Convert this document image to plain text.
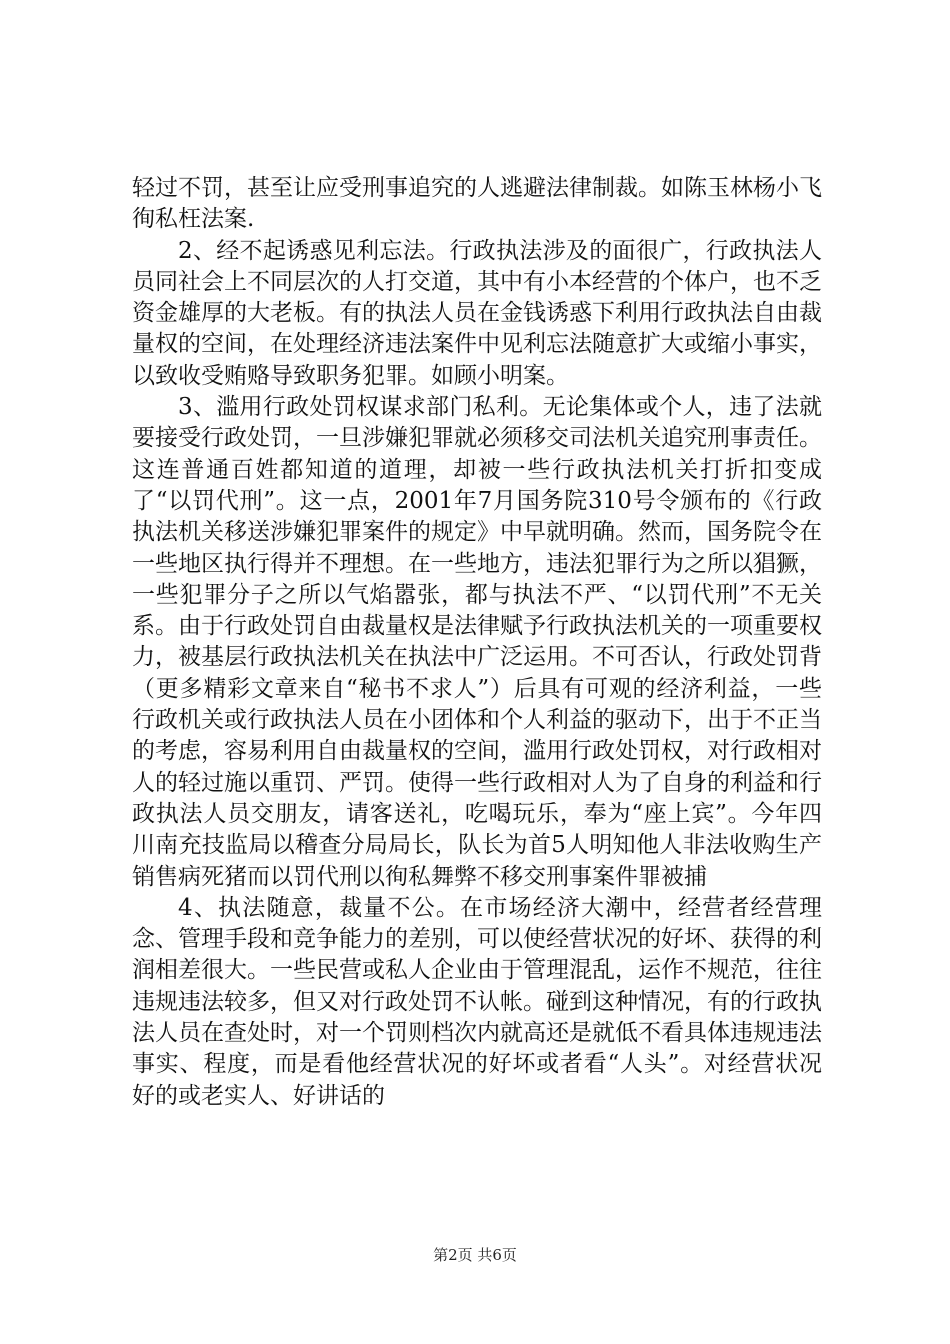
轻过不罚，甚至让应受刑事追究的人逃避法律制裁。如陈玉林杨小飞徇私枉法案.

2、经不起诱惑见利忘法。行政执法涉及的面很广，行政执法人员同社会上不同层次的人打交道，其中有小本经营的个体户，也不乏资金雄厚的大老板。有的执法人员在金钱诱惑下利用行政执法自由裁量权的空间，在处理经济违法案件中见利忘法随意扩大或缩小事实，以致收受贿赂导致职务犯罪。如顾小明案。

3、滥用行政处罚权谋求部门私利。无论集体或个人，违了法就要接受行政处罚，一旦涉嫌犯罪就必须移交司法机关追究刑事责任。这连普通百姓都知道的道理，却被一些行政执法机关打折扣变成了“以罚代刑”。这一点，2001年7月国务院310号令颁布的《行政执法机关移送涉嫌犯罪案件的规定》中早就明确。然而，国务院令在一些地区执行得并不理想。在一些地方，违法犯罪行为之所以猖獗，一些犯罪分子之所以气焰嚣张，都与执法不严、“以罚代刑”不无关系。由于行政处罚自由裁量权是法律赋予行政执法机关的一项重要权力，被基层行政执法机关在执法中广泛运用。不可否认，行政处罚背（更多精彩文章来自“秘书不求人”）后具有可观的经济利益，一些行政机关或行政执法人员在小团体和个人利益的驱动下，出于不正当的考虑，容易利用自由裁量权的空间，滥用行政处罚权，对行政相对人的轻过施以重罚、严罚。使得一些行政相对人为了自身的利益和行政执法人员交朋友，请客送礼，吃喝玩乐，奉为“座上宾”。今年四川南充技监局以稽查分局局长，队长为首5人明知他人非法收购生产销售病死猪而以罚代刑以徇私舞弊不移交刑事案件罪被捕

4、执法随意，裁量不公。在市场经济大潮中，经营者经营理念、管理手段和竞争能力的差别，可以使经营状况的好坏、获得的利润相差很大。一些民营或私人企业由于管理混乱，运作不规范，往往违规违法较多，但又对行政处罚不认帐。碰到这种情况，有的行政执法人员在查处时，对一个罚则档次内就高还是就低不看具体违规违法事实、程度，而是看他经营状况的好坏或者看“人头”。对经营状况好的或老实人、好讲话的

第2页 共6页
